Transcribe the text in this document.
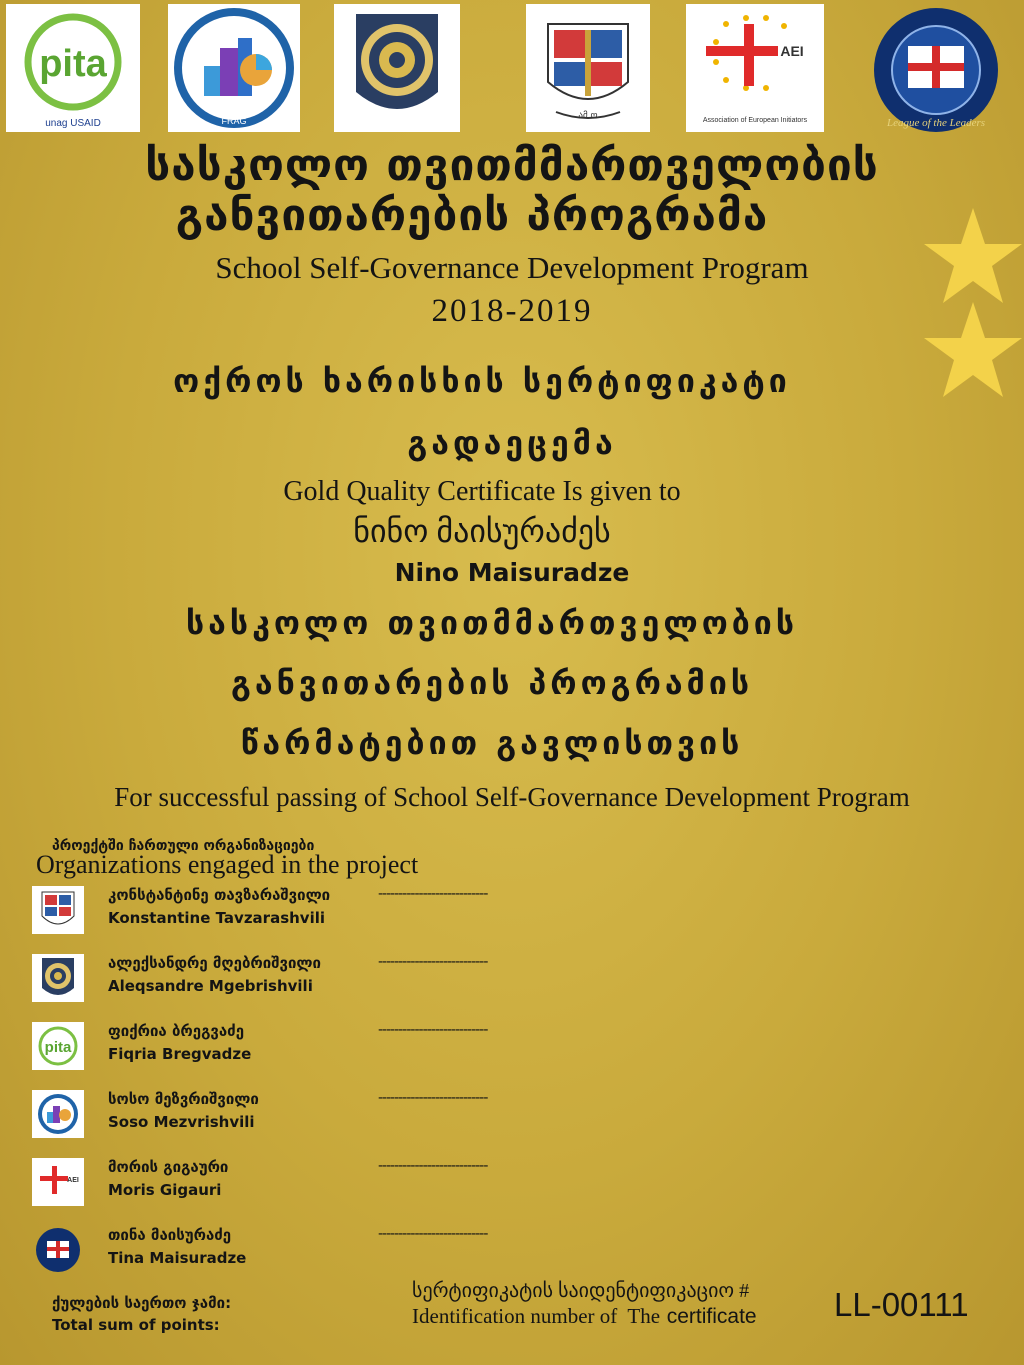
pita
unag USAID	FRAG	ამ ო
AEI
Association of European Initiators	League of the Leaders
სასკოლო თვითმმართველობის
განვითარების პროგრამა
School Self-Governance Development Program
2018-2019
ოქროს ხარისხის სერტიფიკატი
გადაეცემა
Gold Quality Certificate Is given to
ნინო მაისურაძეს
Nino Maisuradze
სასკოლო თვითმმართველობის
განვითარების პროგრამის
წარმატებით გავლისთვის
For successful passing of School Self-Governance Development Program
პროექტში ჩართული ორგანიზაციები
Organizations engaged in the project
კონსტანტინე თავზარაშვილი
Konstantine Tavzarashvili
---------------------------
ალექსანდრე მღებრიშვილი
Aleqsandre Mgebrishvili
---------------------------
pita
ფიქრია ბრეგვაძე
Fiqria Bregvadze
---------------------------
სოსო მეზვრიშვილი
Soso Mezvrishvili
---------------------------
AEI
მორის გიგაური
Moris Gigauri
---------------------------
თინა მაისურაძე
Tina Maisuradze
---------------------------
ქულების საერთო ჯამი:
Total sum of points:
სერტიფიკატის საიდენტიფიკაციო #
Identification number of  The certificate LL-00111
